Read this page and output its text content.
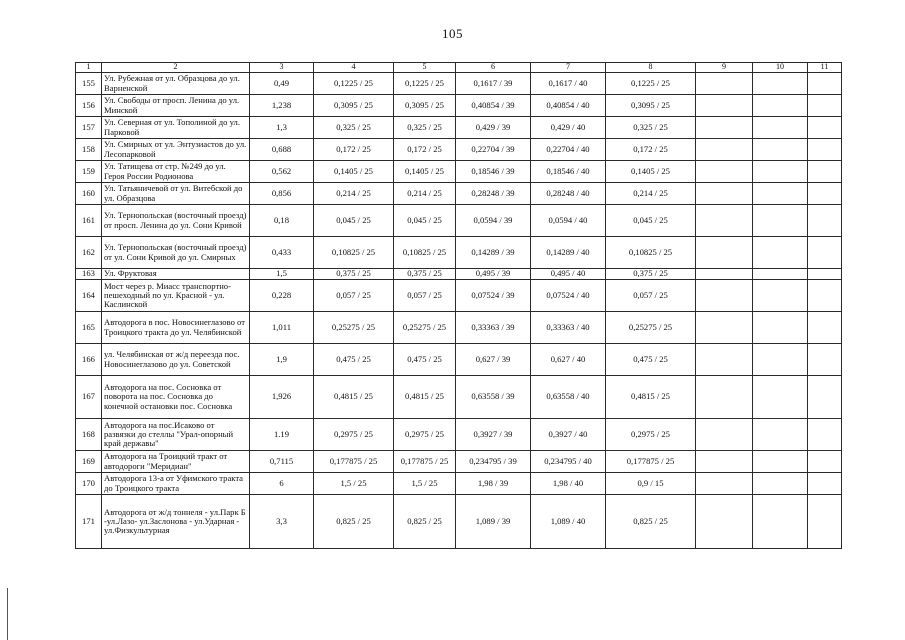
105
1	2	3	4	5	6	7	8	9	10	11
155	Ул. Рубежная от ул. Образцова до ул. Варненской	0,49	0,1225 / 25	0,1225 / 25	0,1617 / 39	0,1617 / 40	0,1225 / 25			
156	Ул. Свободы от просп. Ленина до ул. Минской	1,238	0,3095 / 25	0,3095 / 25	0,40854 / 39	0,40854 / 40	0,3095 / 25			
157	Ул. Северная от ул. Тополиной до ул. Парковой	1,3	0,325 / 25	0,325 / 25	0,429 / 39	0,429 / 40	0,325 / 25			
158	Ул. Смирных от ул. Энтузиастов до ул. Лесопарковой	0,688	0,172 / 25	0,172 / 25	0,22704 / 39	0,22704 / 40	0,172 / 25			
159	Ул. Татищева от стр. №249 до ул. Героя России Родионова	0,562	0,1405 / 25	0,1405 / 25	0,18546 / 39	0,18546 / 40	0,1405 / 25			
160	Ул. Татьяничевой от ул. Витебской до ул. Образцова	0,856	0,214 / 25	0,214 / 25	0,28248 / 39	0,28248 / 40	0,214 / 25			
161	Ул. Тернопольская (восточный проезд) от просп. Ленина до ул. Сони Кривой	0,18	0,045 / 25	0,045 / 25	0,0594 / 39	0,0594 / 40	0,045 / 25			
162	Ул. Тернопольская (восточный проезд) от ул. Сони Кривой до ул. Смирных	0,433	0,10825 / 25	0,10825 / 25	0,14289 / 39	0,14289 / 40	0,10825 / 25			
163	Ул. Фруктовая	1,5	0,375 / 25	0,375 / 25	0,495 / 39	0,495 / 40	0,375 / 25			
164	Мост через р. Миасс транспортно-пешеходный по ул. Красной - ул. Каслинской	0,228	0,057 / 25	0,057 / 25	0,07524 / 39	0,07524 / 40	0,057 / 25			
165	Автодорога в пос. Новосинеглазово от Троицкого тракта до ул. Челябинской	1,011	0,25275 / 25	0,25275 / 25	0,33363 / 39	0,33363 / 40	0,25275 / 25			
166	ул. Челябинская от ж/д переезда пос. Новосинеглазово до ул. Советской	1,9	0,475 / 25	0,475 / 25	0,627 / 39	0,627 / 40	0,475 / 25			
167	Автодорога на пос. Сосновка от поворота на пос. Сосновка до конечной остановки пос. Сосновка	1,926	0,4815 / 25	0,4815 / 25	0,63558 / 39	0,63558 / 40	0,4815 / 25			
168	Автодорога на пос.Исаково от развязки до стеллы "Урал-опорный край державы"	1.19	0,2975 / 25	0,2975 / 25	0,3927 / 39	0,3927 / 40	0,2975 / 25			
169	Автодорога на Троицкий тракт от автодороги "Меридиан"	0,7115	0,177875 / 25	0,177875 / 25	0,234795 / 39	0,234795 / 40	0,177875 / 25			
170	Автодорога 13-а от Уфимского тракта до Троицкого тракта	6	1,5 / 25	1,5 / 25	1,98 / 39	1,98 / 40	0,9 / 15			
171	Автодорога от ж/д тоннеля - ул.Парк Б -ул.Лазо- ул.Заслонова - ул.Ударная - ул.Физкультурная	3,3	0,825 / 25	0,825 / 25	1,089 / 39	1,089 / 40	0,825 / 25			
